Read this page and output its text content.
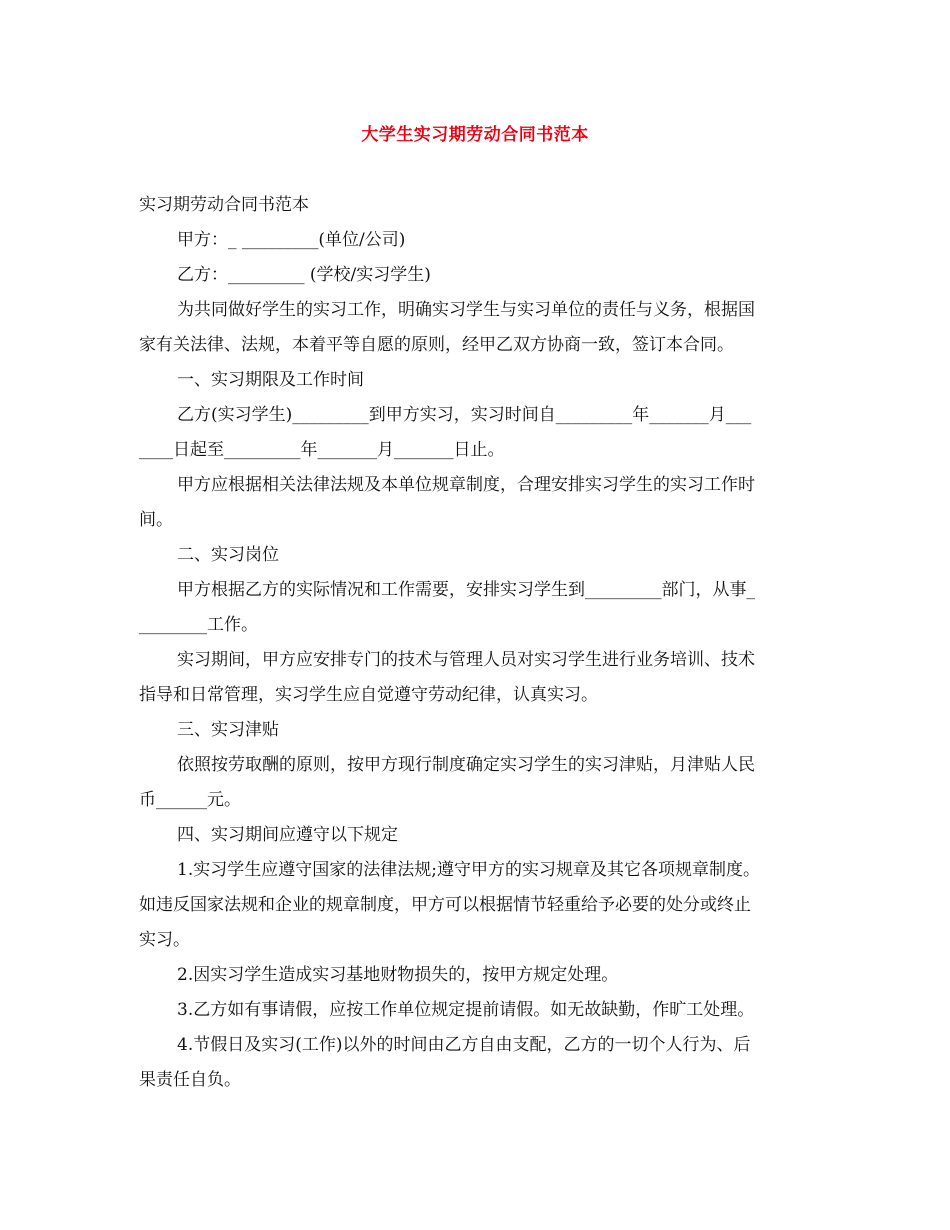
大学生实习期劳动合同书范本
实习期劳动合同书范本
甲方：_ _________(单位/公司)
乙方：_________ (学校/实习学生)
为共同做好学生的实习工作，明确实习学生与实习单位的责任与义务，根据国
家有关法律、法规，本着平等自愿的原则，经甲乙双方协商一致，签订本合同。
一、实习期限及工作时间
乙方(实习学生)_________到甲方实习，实习时间自_________年_______月___
____日起至_________年_______月_______日止。
甲方应根据相关法律法规及本单位规章制度，合理安排实习学生的实习工作时
间。
二、实习岗位
甲方根据乙方的实际情况和工作需要，安排实习学生到_________部门，从事_
________工作。
实习期间，甲方应安排专门的技术与管理人员对实习学生进行业务培训、技术
指导和日常管理，实习学生应自觉遵守劳动纪律，认真实习。
三、实习津贴
依照按劳取酬的原则，按甲方现行制度确定实习学生的实习津贴，月津贴人民
币______元。
四、实习期间应遵守以下规定
1.实习学生应遵守国家的法律法规;遵守甲方的实习规章及其它各项规章制度。
如违反国家法规和企业的规章制度，甲方可以根据情节轻重给予必要的处分或终止
实习。
2.因实习学生造成实习基地财物损失的，按甲方规定处理。
3.乙方如有事请假，应按工作单位规定提前请假。如无故缺勤，作旷工处理。
4.节假日及实习(工作)以外的时间由乙方自由支配，乙方的一切个人行为、后
果责任自负。
